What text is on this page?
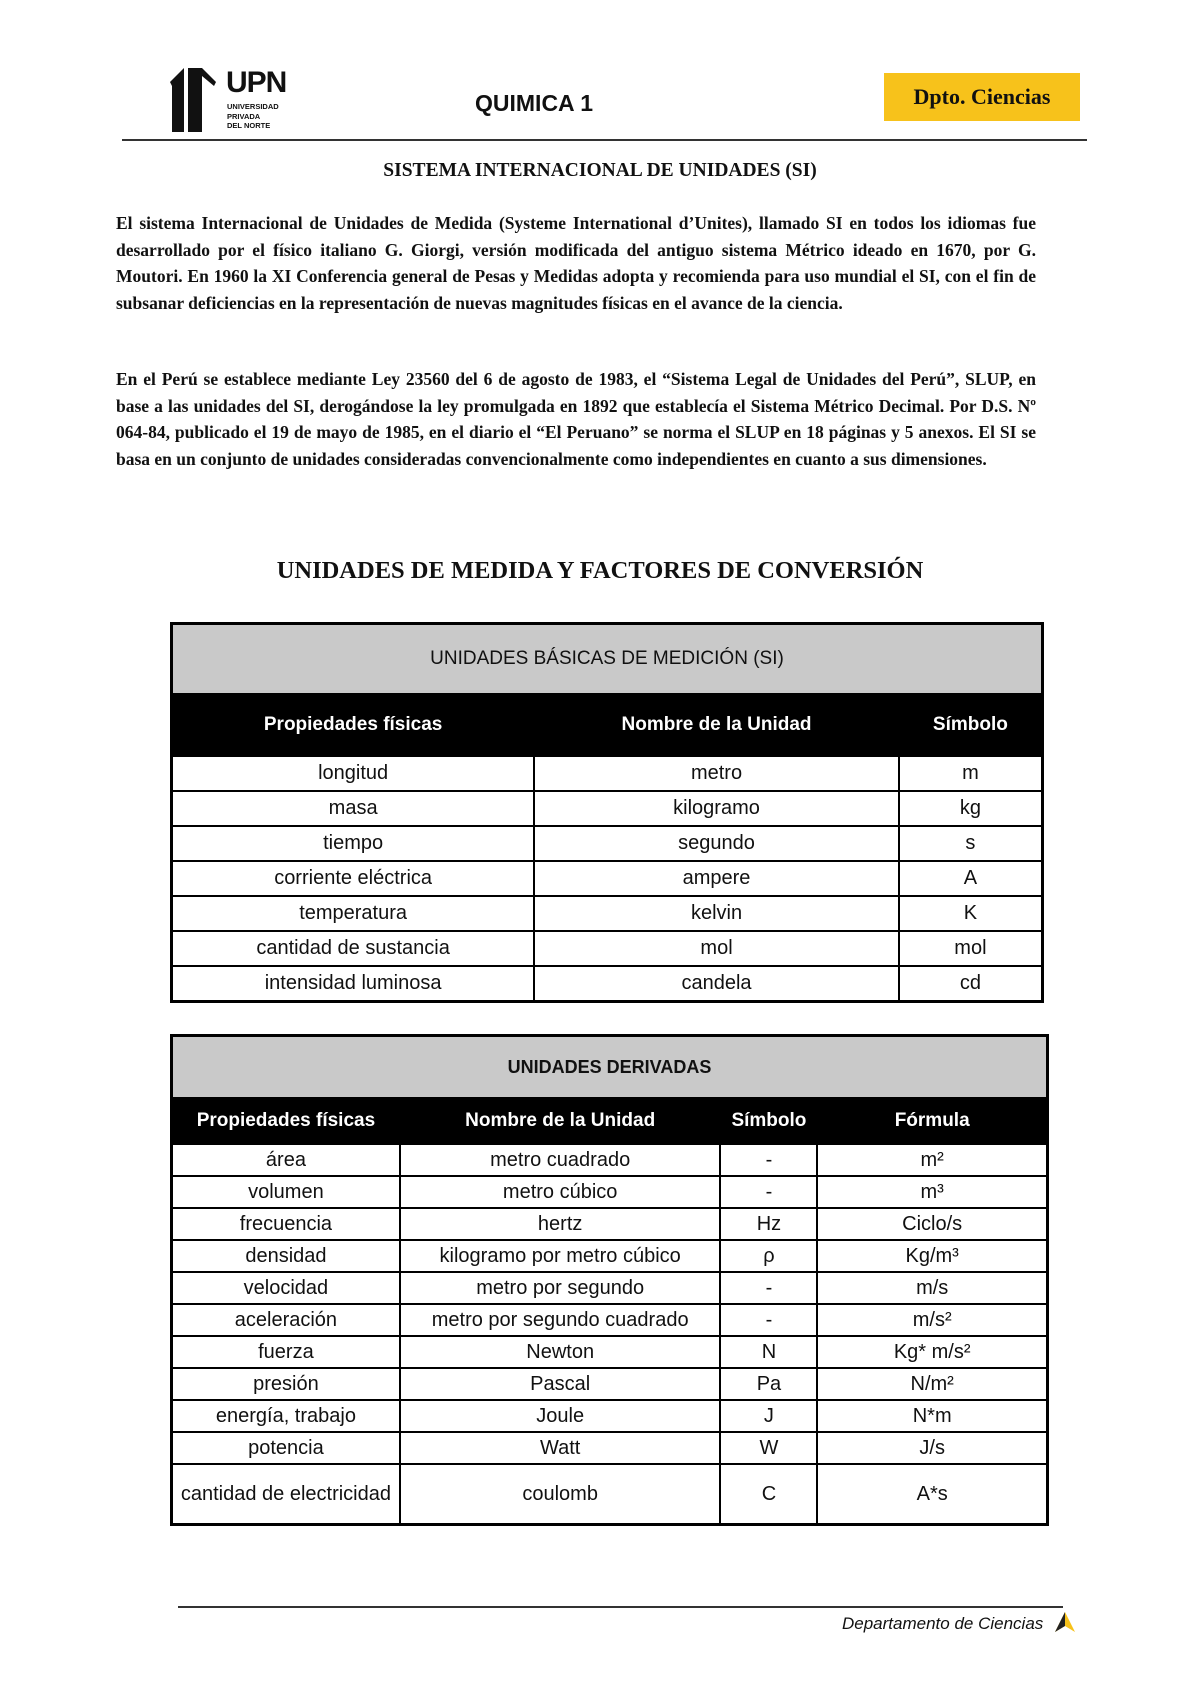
UPN
UNIVERSIDAD
PRIVADA
DEL NORTE
QUIMICA 1	Dpto. Ciencias
SISTEMA INTERNACIONAL DE UNIDADES (SI)
El sistema Internacional de Unidades de Medida (Systeme International d’Unites), llamado SI en todos los idiomas fue desarrollado por el físico italiano G. Giorgi, versión modificada del antiguo sistema Métrico ideado en 1670, por G. Moutori. En 1960 la XI Conferencia general de Pesas y Medidas adopta y recomienda para uso mundial el SI, con el fin de subsanar deficiencias en la representación de nuevas magnitudes físicas en el avance de la ciencia.
En el Perú se establece mediante Ley 23560 del 6 de agosto de 1983, el “Sistema Legal de Unidades del Perú”, SLUP, en base a las unidades del SI, derogándose la ley promulgada en 1892 que establecía el Sistema Métrico Decimal. Por D.S. Nº 064-84, publicado el 19 de mayo de 1985, en el diario el “El Peruano” se norma el SLUP en 18 páginas y 5 anexos. El SI se basa en un conjunto de unidades consideradas convencionalmente como independientes en cuanto a sus dimensiones.
UNIDADES DE MEDIDA Y FACTORES DE CONVERSIÓN
UNIDADES BÁSICAS DE MEDICIÓN (SI)		
Propiedades físicas	Nombre de la Unidad	Símbolo
longitud	metro	m
masa	kilogramo	kg
tiempo	segundo	s
corriente eléctrica	ampere	A
temperatura	kelvin	K
cantidad de sustancia	mol	mol
intensidad luminosa	candela	cd
UNIDADES DERIVADAS			
Propiedades físicas	Nombre de la Unidad	Símbolo	Fórmula
área	metro cuadrado	-	m²
volumen	metro cúbico	-	m³
frecuencia	hertz	Hz	Ciclo/s
densidad	kilogramo por metro cúbico	ρ	Kg/m³
velocidad	metro por segundo	-	m/s
aceleración	metro por segundo cuadrado	-	m/s²
fuerza	Newton	N	Kg* m/s²
presión	Pascal	Pa	N/m²
energía, trabajo	Joule	J	N*m
potencia	Watt	W	J/s
cantidad de electricidad	coulomb	C	A*s
Departamento de Ciencias
